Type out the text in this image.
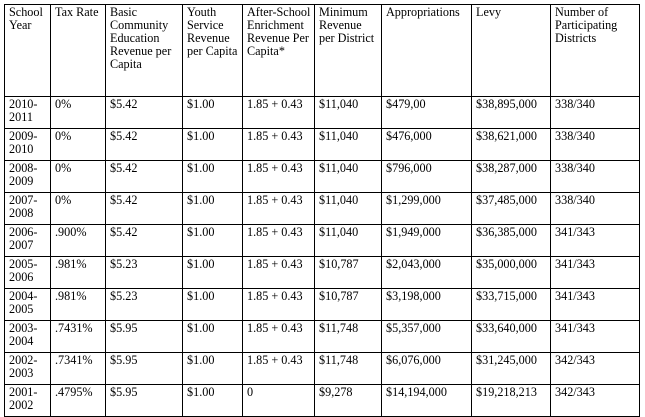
School Year	Tax Rate	Basic Community Education Revenue per Capita	Youth Service Revenue per Capita	After-School Enrichment Revenue Per Capita*	Minimum Revenue per District	Appropriations	Levy	Number of Participating Districts
2010-2011	0%	$5.42	$1.00	1.85 + 0.43	$11,040	$479,00	$38,895,000	338/340
2009-2010	0%	$5.42	$1.00	1.85 + 0.43	$11,040	$476,000	$38,621,000	338/340
2008-2009	0%	$5.42	$1.00	1.85 + 0.43	$11,040	$796,000	$38,287,000	338/340
2007-2008	0%	$5.42	$1.00	1.85 + 0.43	$11,040	$1,299,000	$37,485,000	338/340
2006-2007	.900%	$5.42	$1.00	1.85 + 0.43	$11,040	$1,949,000	$36,385,000	341/343
2005-2006	.981%	$5.23	$1.00	1.85 + 0.43	$10,787	$2,043,000	$35,000,000	341/343
2004-2005	.981%	$5.23	$1.00	1.85 + 0.43	$10,787	$3,198,000	$33,715,000	341/343
2003-2004	.7431%	$5.95	$1.00	1.85 + 0.43	$11,748	$5,357,000	$33,640,000	341/343
2002-2003	.7341%	$5.95	$1.00	1.85 + 0.43	$11,748	$6,076,000	$31,245,000	342/343
2001-2002	.4795%	$5.95	$1.00	0	$9,278	$14,194,000	$19,218,213	342/343
